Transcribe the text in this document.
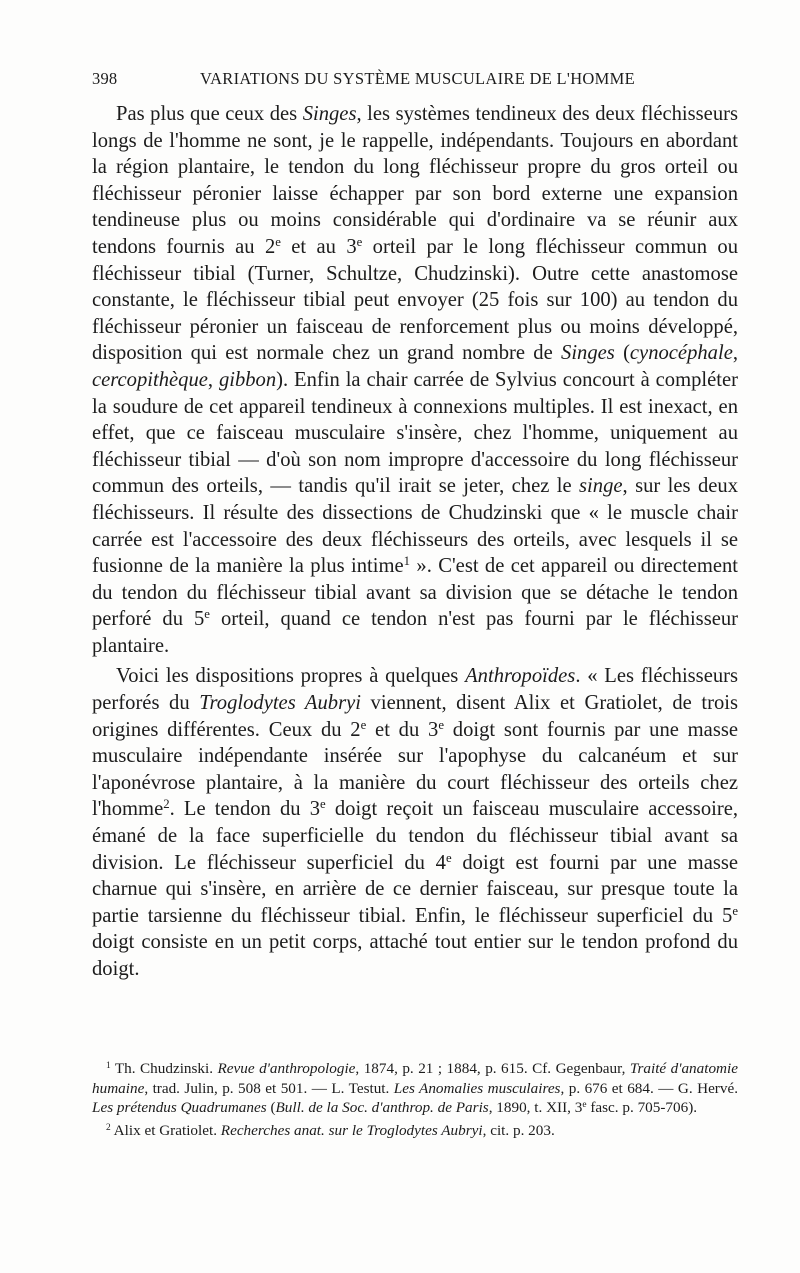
398	VARIATIONS DU SYSTÈME MUSCULAIRE DE L'HOMME

Pas plus que ceux des Singes, les systèmes tendineux des deux fléchisseurs longs de l'homme ne sont, je le rappelle, indépendants. Toujours en abordant la région plantaire, le tendon du long fléchisseur propre du gros orteil ou fléchisseur péronier laisse échapper par son bord externe une expansion tendineuse plus ou moins considérable qui d'ordinaire va se réunir aux tendons fournis au 2e et au 3e orteil par le long fléchisseur commun ou fléchisseur tibial (Turner, Schultze, Chudzinski). Outre cette anastomose constante, le fléchisseur tibial peut envoyer (25 fois sur 100) au tendon du fléchisseur péronier un faisceau de renforcement plus ou moins développé, disposition qui est normale chez un grand nombre de Singes (cynocéphale, cercopithèque, gibbon). Enfin la chair carrée de Sylvius concourt à compléter la soudure de cet appareil tendineux à connexions multiples. Il est inexact, en effet, que ce faisceau musculaire s'insère, chez l'homme, uniquement au fléchisseur tibial — d'où son nom impropre d'accessoire du long fléchisseur commun des orteils, — tandis qu'il irait se jeter, chez le singe, sur les deux fléchisseurs. Il résulte des dissections de Chudzinski que « le muscle chair carrée est l'accessoire des deux fléchisseurs des orteils, avec lesquels il se fusionne de la manière la plus intime$^1$ ». C'est de cet appareil ou directement du tendon du fléchisseur tibial avant sa division que se détache le tendon perforé du 5e orteil, quand ce tendon n'est pas fourni par le fléchisseur plantaire.

Voici les dispositions propres à quelques Anthropoïdes. « Les fléchisseurs perforés du Troglodytes Aubryi viennent, disent Alix et Gratiolet, de trois origines différentes. Ceux du 2e et du 3e doigt sont fournis par une masse musculaire indépendante insérée sur l'apophyse du calcanéum et sur l'aponévrose plantaire, à la manière du court fléchisseur des orteils chez l'homme$^2$. Le tendon du 3e doigt reçoit un faisceau musculaire accessoire, émané de la face superficielle du tendon du fléchisseur tibial avant sa division. Le fléchisseur superficiel du 4e doigt est fourni par une masse charnue qui s'insère, en arrière de ce dernier faisceau, sur presque toute la partie tarsienne du fléchisseur tibial. Enfin, le fléchisseur superficiel du 5e doigt consiste en un petit corps, attaché tout entier sur le tendon profond du doigt.

$^1$ Th. Chudzinski. Revue d'anthropologie, 1874, p. 21 ; 1884, p. 615. Cf. Gegenbaur, Traité d'anatomie humaine, trad. Julin, p. 508 et 501. — L. Testut. Les Anomalies musculaires, p. 676 et 684. — G. Hervé. Les prétendus Quadrumanes (Bull. de la Soc. d'anthrop. de Paris, 1890, t. XII, 3e fasc. p. 705-706).

$^2$ Alix et Gratiolet. Recherches anat. sur le Troglodytes Aubryi, cit. p. 203.
